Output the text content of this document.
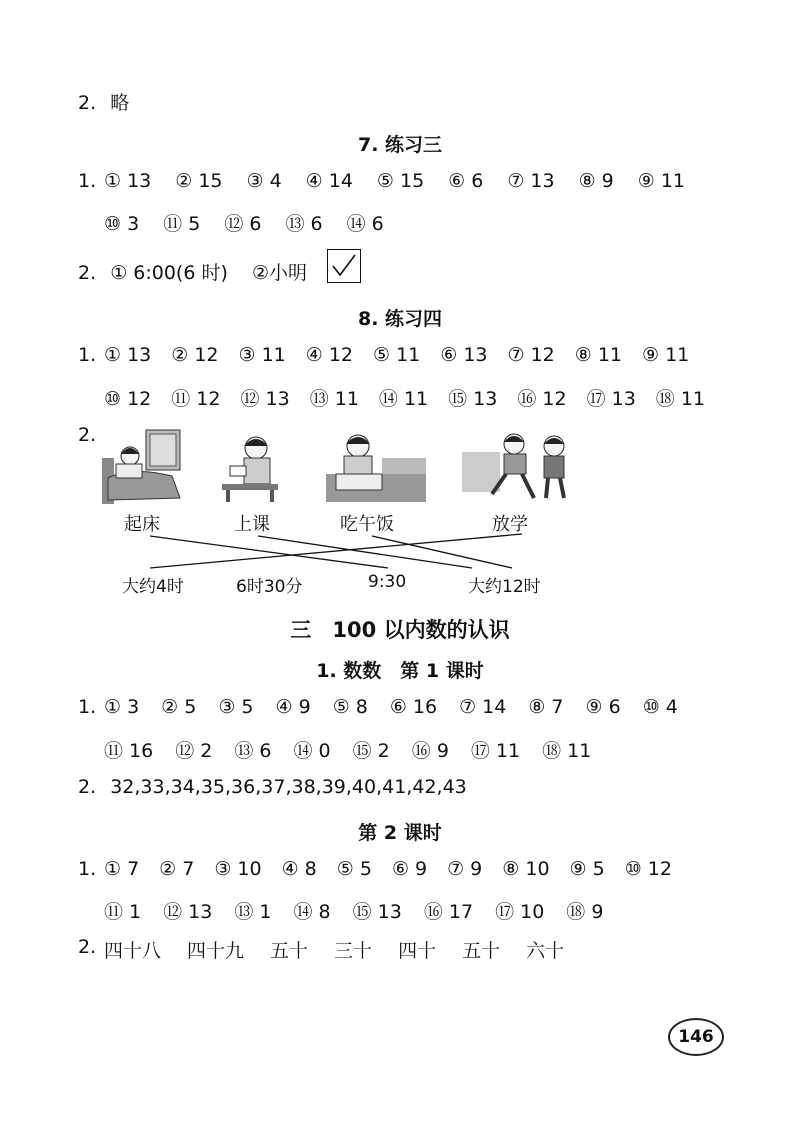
2. 略
7. 练习三
1. ① 13 ② 15 ③ 4 ④ 14 ⑤ 15 ⑥ 6 ⑦ 13 ⑧ 9 ⑨ 11
⑩ 3 ⑪ 5 ⑫ 6 ⑬ 6 ⑭ 6
2. ① 6:00(6 时) ②小明
8. 练习四
1. ① 13 ② 12 ③ 11 ④ 12 ⑤ 11 ⑥ 13 ⑦ 12 ⑧ 11 ⑨ 11
⑩ 12 ⑪ 12 ⑫ 13 ⑬ 11 ⑭ 11 ⑮ 13 ⑯ 12 ⑰ 13 ⑱ 11
2.
起床	上课	吃午饭	放学
大约4时	6时30分	9:30	大约12时
三　100 以内数的认识
1. 数数　第 1 课时
1. ① 3 ② 5 ③ 5 ④ 9 ⑤ 8 ⑥ 16 ⑦ 14 ⑧ 7 ⑨ 6 ⑩ 4
⑪ 16 ⑫ 2 ⑬ 6 ⑭ 0 ⑮ 2 ⑯ 9 ⑰ 11 ⑱ 11
2. 32,33,34,35,36,37,38,39,40,41,42,43
第 2 课时
1. ① 7 ② 7 ③ 10 ④ 8 ⑤ 5 ⑥ 9 ⑦ 9 ⑧ 10 ⑨ 5 ⑩ 12
⑪ 1 ⑫ 13 ⑬ 1 ⑭ 8 ⑮ 13 ⑯ 17 ⑰ 10 ⑱ 9
2. 四十八 四十九 五十 三十 四十 五十 六十
146
